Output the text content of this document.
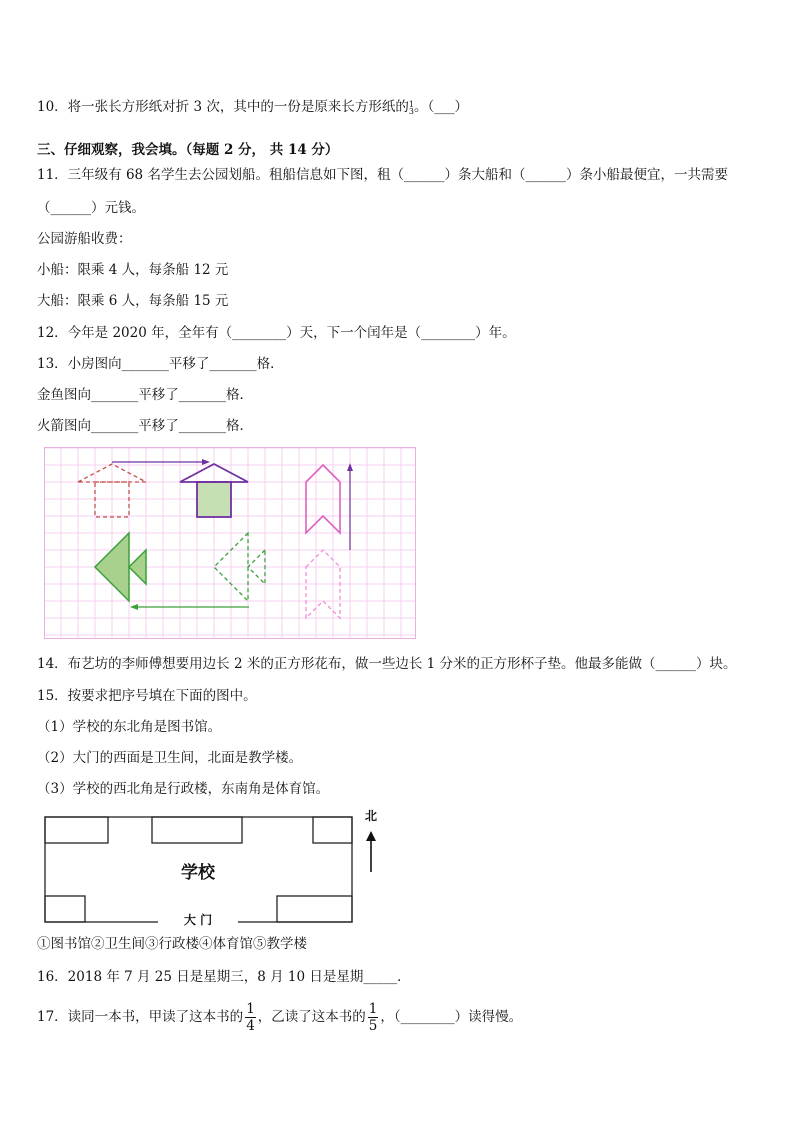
10．将一张长方形纸对折 3 次，其中的一份是原来长方形纸的 1
3 。（___）
三、仔细观察，我会填。（每题 2 分， 共 14 分）
11．三年级有 68 名学生去公园划船。租船信息如下图，租（______）条大船和（______）条小船最便宜，一共需要
（______）元钱。
公园游船收费：
小船：限乘 4 人，每条船 12 元
大船：限乘 6 人，每条船 15 元
12．今年是 2020 年，全年有（________）天，下一个闰年是（________）年。
13．小房图向_______平移了_______格．
金鱼图向_______平移了_______格．
火箭图向_______平移了_______格．
14．布艺坊的李师傅想要用边长 2 米的正方形花布，做一些边长 1 分米的正方形杯子垫。他最多能做（______）块。
15．按要求把序号填在下面的图中。
（1）学校的东北角是图书馆。
（2）大门的西面是卫生间，北面是教学楼。
（3）学校的西北角是行政楼，东南角是体育馆。
学校
大 门
北
①图书馆②卫生间③行政楼④体育馆⑤教学楼
16．2018 年 7 月 25 日是星期三，8 月 10 日是星期_____．
17．读同一本书，甲读了这本书的 $\frac{1}{4}$ ，乙读了这本书的 $\frac{1}{5}$ ，（________）读得慢。
